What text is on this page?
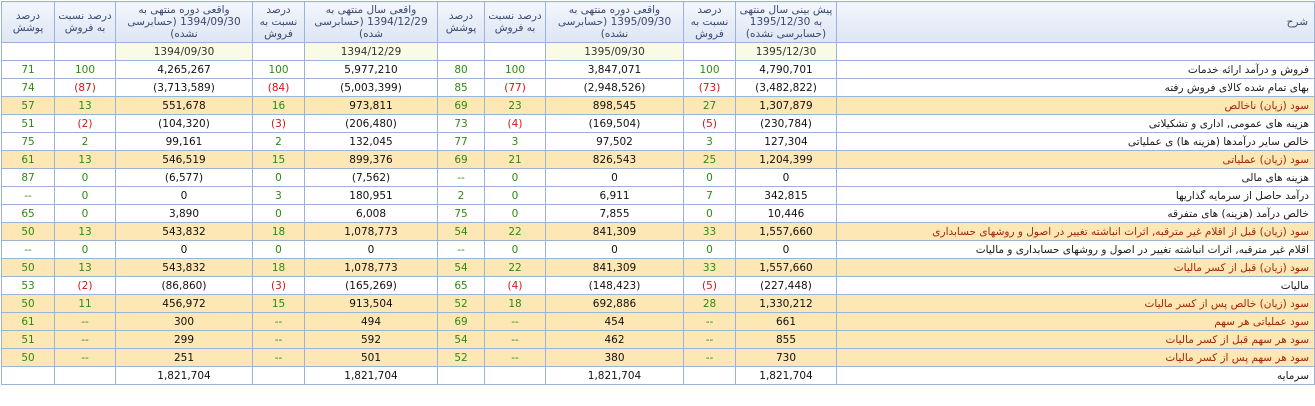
شرح	پیش بینی سال منتهی به 1395/12/30 (حسابرسی نشده)	درصد نسبت به فروش	واقعی دوره منتهی به 1395/09/30 (حسابرسی نشده)	درصد نسبت به فروش	درصد پوشش	واقعی سال منتهی به 1394/12/29 (حسابرسی شده)	درصد نسبت به فروش	واقعی دوره منتهی به 1394/09/30 (حسابرسی نشده)	درصد نسبت به فروش	درصد پوشش
	1395/12/30		1395/09/30			1394/12/29		1394/09/30		
فروش و درآمد ارائه خدمات	4,790,701	100	3,847,071	100	80	5,977,210	100	4,265,267	100	71
بهای تمام شده کالای فروش رفته	(3,482,822)	(73)	(2,948,526)	(77)	85	(5,003,399)	(84)	(3,713,589)	(87)	74
سود (زیان) ناخالص	1,307,879	27	898,545	23	69	973,811	16	551,678	13	57
هزینه های عمومی, اداری و تشکیلاتی	(230,784)	(5)	(169,504)	(4)	73	(206,480)	(3)	(104,320)	(2)	51
خالص سایر درآمدها (هزینه ها) ی عملیاتی	127,304	3	97,502	3	77	132,045	2	99,161	2	75
سود (زیان) عملیاتی	1,204,399	25	826,543	21	69	899,376	15	546,519	13	61
هزینه های مالی	0	0	0	0	--	(7,562)	0	(6,577)	0	87
درآمد حاصل از سرمایه گذاریها	342,815	7	6,911	0	2	180,951	3	0	0	--
خالص درآمد (هزینه) های متفرقه	10,446	0	7,855	0	75	6,008	0	3,890	0	65
سود (زیان) قبل از اقلام غیر مترقبه, اثرات انباشته تغییر در اصول و روشهای حسابداری	1,557,660	33	841,309	22	54	1,078,773	18	543,832	13	50
اقلام غیر مترقبه, اثرات انباشته تغییر در اصول و روشهای حسابداری و مالیات	0	0	0	0	--	0	0	0	0	--
سود (زیان) قبل از کسر مالیات	1,557,660	33	841,309	22	54	1,078,773	18	543,832	13	50
مالیات	(227,448)	(5)	(148,423)	(4)	65	(165,269)	(3)	(86,860)	(2)	53
سود (زیان) خالص پس از کسر مالیات	1,330,212	28	692,886	18	52	913,504	15	456,972	11	50
سود عملیاتی هر سهم	661	--	454	--	69	494	--	300	--	61
سود هر سهم قبل از کسر مالیات	855	--	462	--	54	592	--	299	--	51
سود هر سهم پس از کسر مالیات	730	--	380	--	52	501	--	251	--	50
سرمایه	1,821,704		1,821,704			1,821,704		1,821,704		
